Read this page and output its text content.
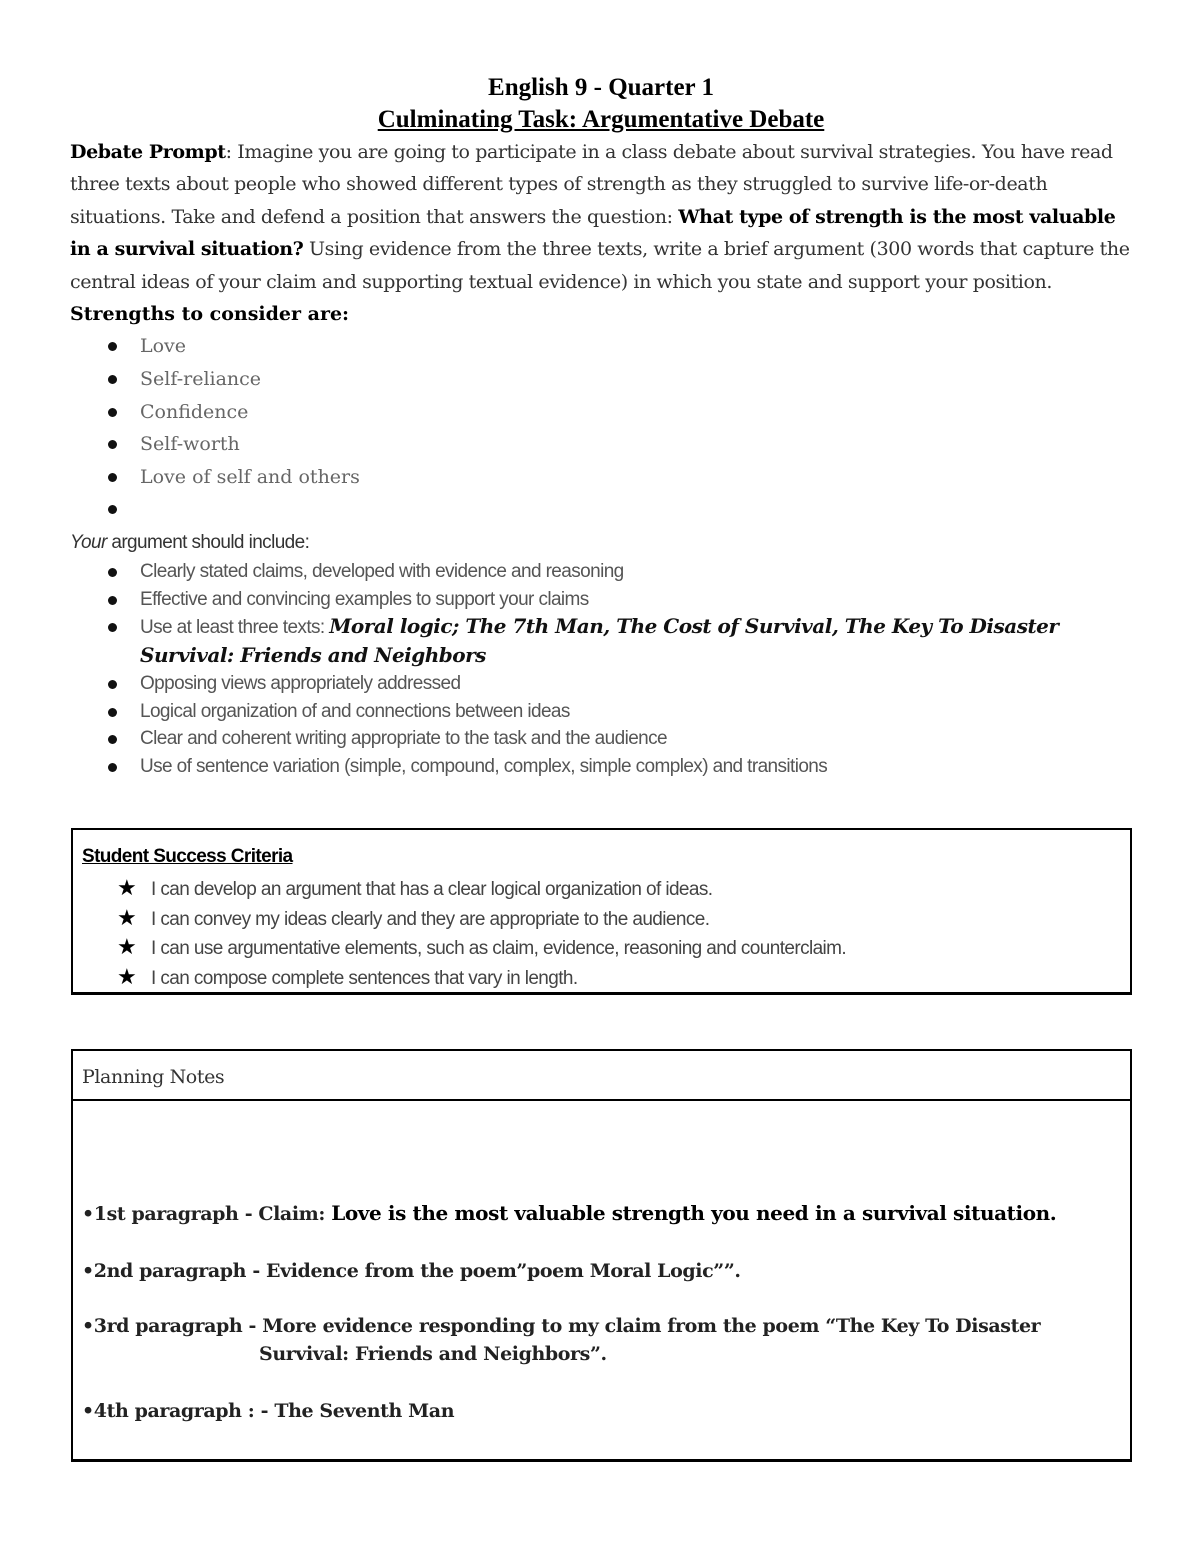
English 9 - Quarter 1

Culminating Task: Argumentative Debate

Debate Prompt: Imagine you are going to participate in a class debate about survival strategies. You have read three texts about people who showed different types of strength as they struggled to survive life-or-death situations. Take and defend a position that answers the question: What type of strength is the most valuable in a survival situation? Using evidence from the three texts, write a brief argument (300 words that capture the central ideas of your claim and supporting textual evidence) in which you state and support your position.

Strengths to consider are:

Love
Self-reliance
Confidence
Self-worth
Love of self and others

Your argument should include:

Clearly stated claims, developed with evidence and reasoning
Effective and convincing examples to support your claims
Use at least three texts: Moral logic; The 7th Man, The Cost of Survival, The Key To Disaster Survival: Friends and Neighbors
Opposing views appropriately addressed
Logical organization of and connections between ideas
Clear and coherent writing appropriate to the task and the audience
Use of sentence variation (simple, compound, complex, simple complex) and transitions
Student Success Criteria
★ I can develop an argument that has a clear logical organization of ideas.
★ I can convey my ideas clearly and they are appropriate to the audience.
★ I can use argumentative elements, such as claim, evidence, reasoning and counterclaim.
★ I can compose complete sentences that vary in length.
Planning Notes

•1st paragraph - Claim: Love is the most valuable strength you need in a survival situation.

•2nd paragraph - Evidence from the poem”poem Moral Logic””.

•3rd paragraph - More evidence responding to my claim from the poem “The Key To Disaster

Survival: Friends and Neighbors”.

•4th paragraph : - The Seventh Man
